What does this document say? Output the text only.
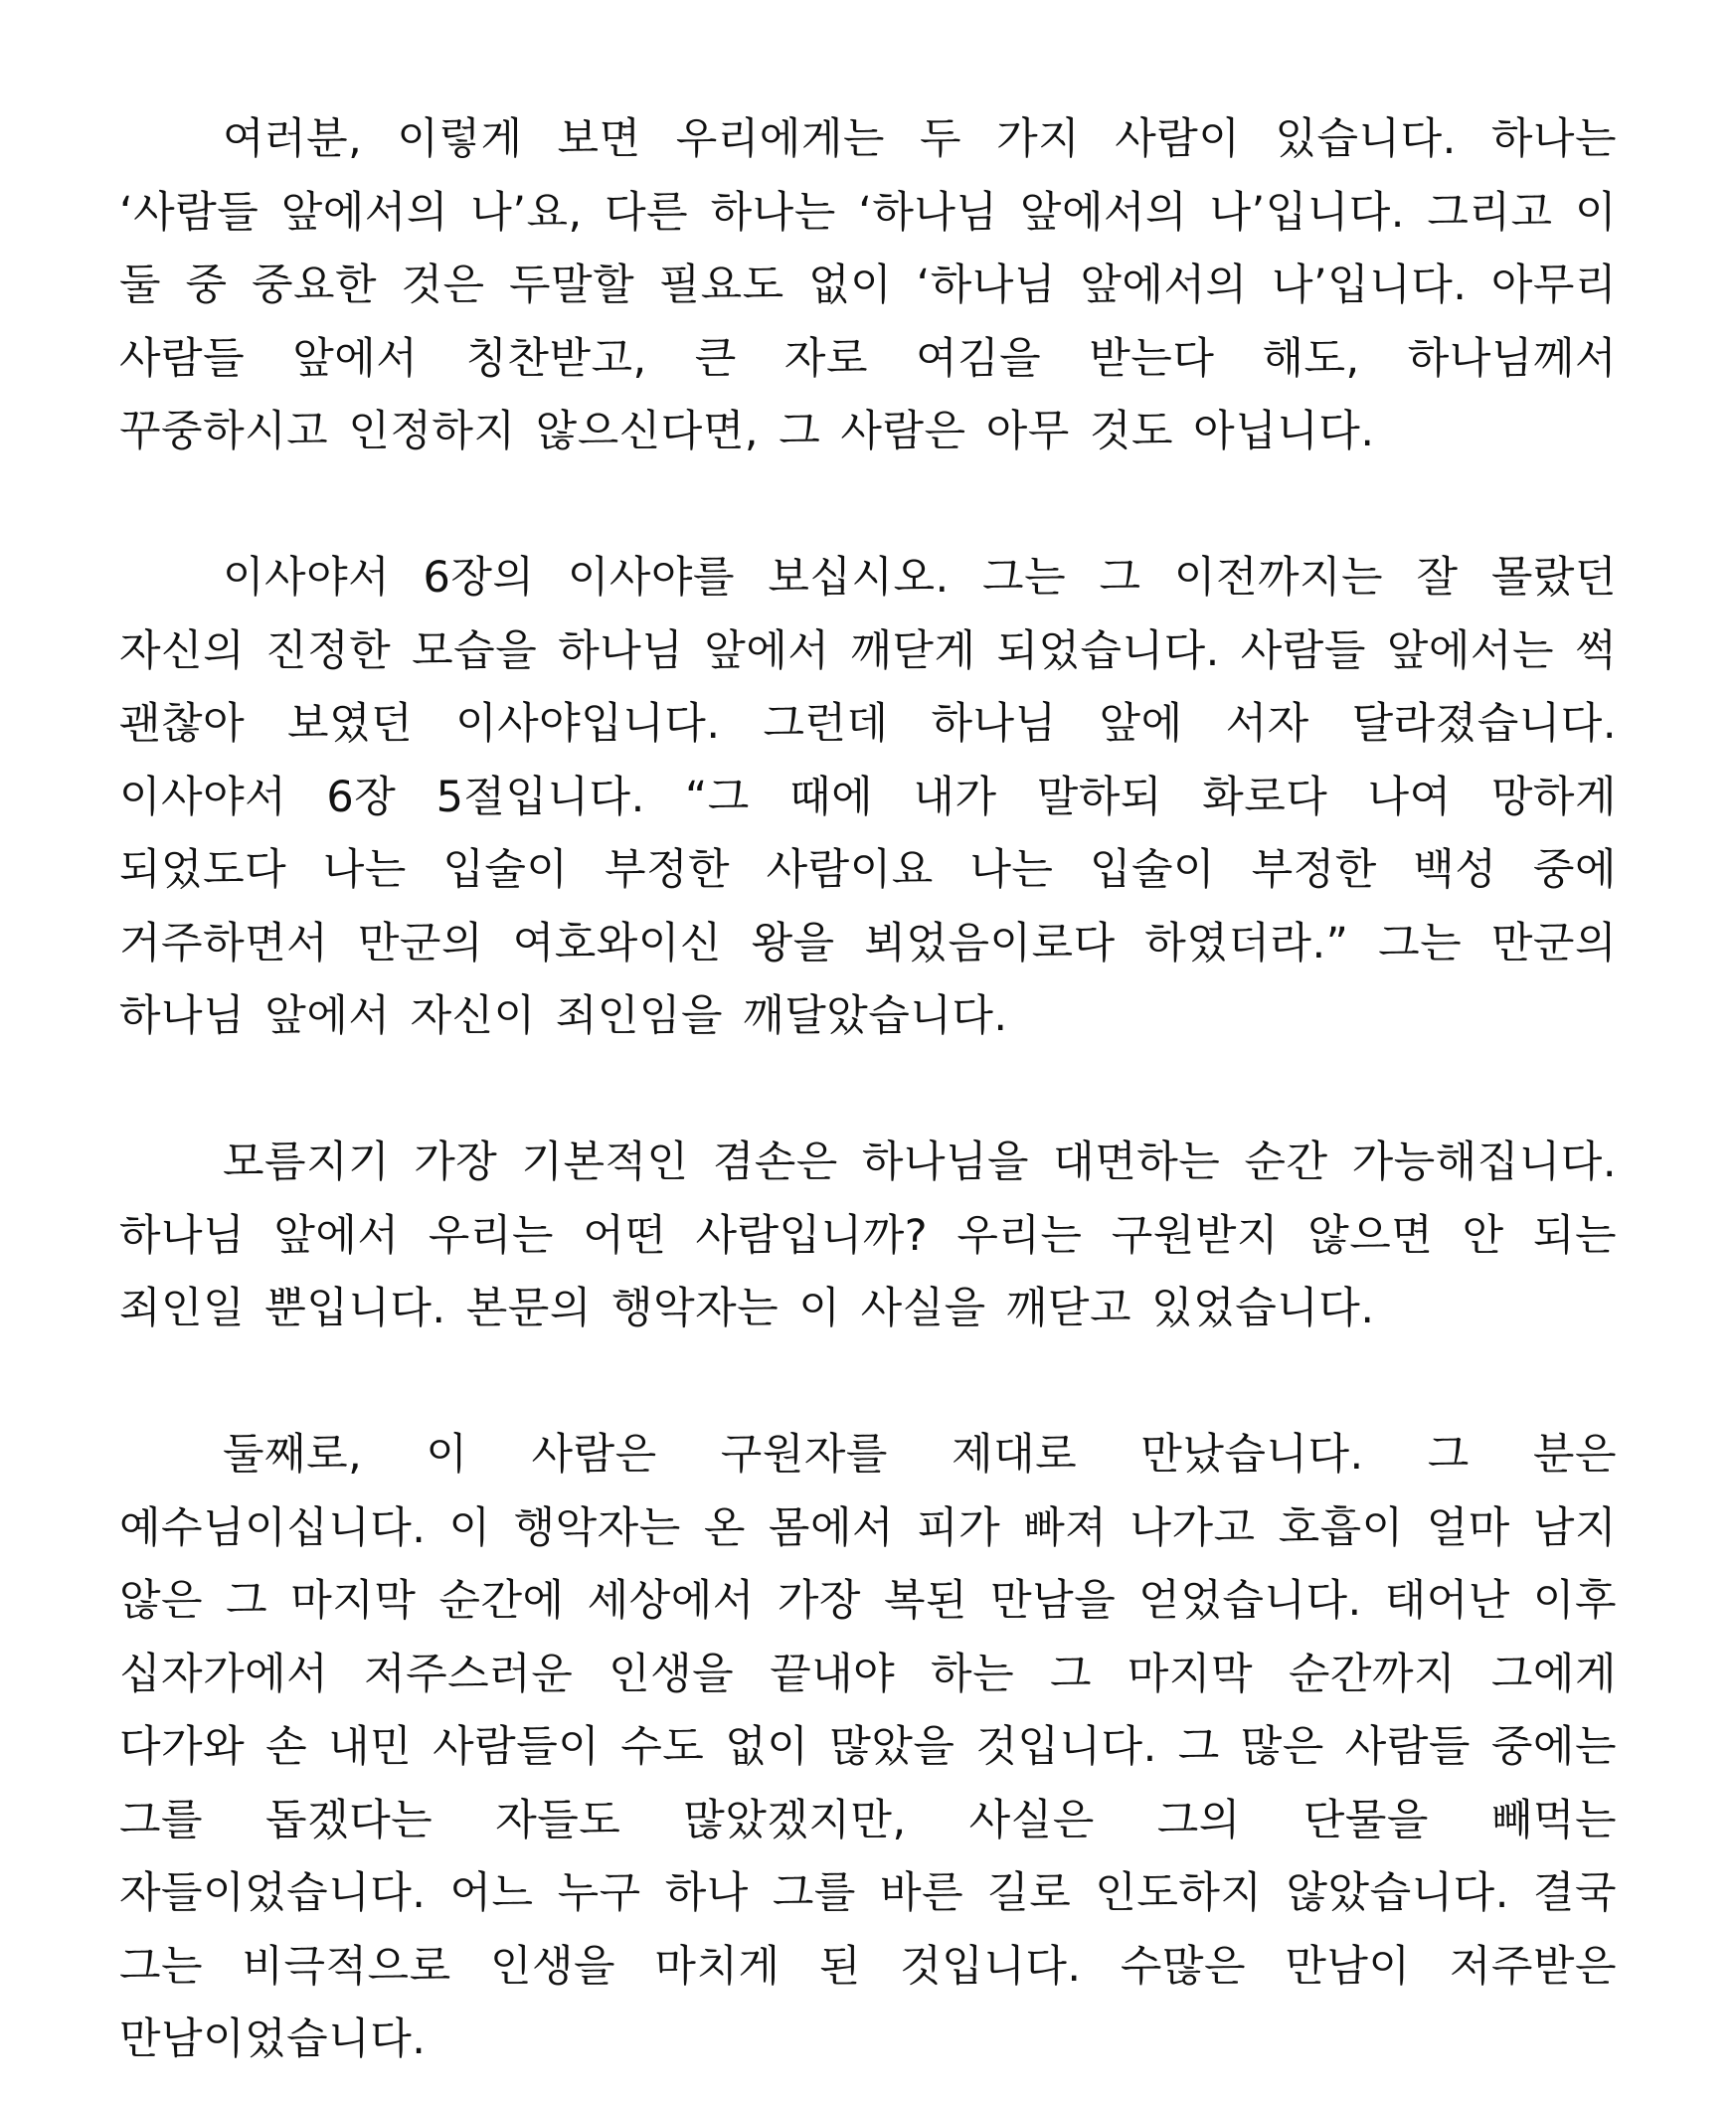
여러분, 이렇게 보면 우리에게는 두 가지 사람이 있습니다. 하나는 ‘사람들 앞에서의 나’요, 다른 하나는 ‘하나님 앞에서의 나’입니다. 그리고 이 둘 중 중요한 것은 두말할 필요도 없이 ‘하나님 앞에서의 나’입니다. 아무리 사람들 앞에서 칭찬받고, 큰 자로 여김을 받는다 해도, 하나님께서 꾸중하시고 인정하지 않으신다면, 그 사람은 아무 것도 아닙니다.

이사야서 6장의 이사야를 보십시오. 그는 그 이전까지는 잘 몰랐던 자신의 진정한 모습을 하나님 앞에서 깨닫게 되었습니다. 사람들 앞에서는 썩 괜찮아 보였던 이사야입니다. 그런데 하나님 앞에 서자 달라졌습니다. 이사야서 6장 5절입니다. “그 때에 내가 말하되 화로다 나여 망하게 되었도다 나는 입술이 부정한 사람이요 나는 입술이 부정한 백성 중에 거주하면서 만군의 여호와이신 왕을 뵈었음이로다 하였더라.” 그는 만군의 하나님 앞에서 자신이 죄인임을 깨달았습니다.

모름지기 가장 기본적인 겸손은 하나님을 대면하는 순간 가능해집니다. 하나님 앞에서 우리는 어떤 사람입니까? 우리는 구원받지 않으면 안 되는 죄인일 뿐입니다. 본문의 행악자는 이 사실을 깨닫고 있었습니다.

둘째로, 이 사람은 구원자를 제대로 만났습니다. 그 분은 예수님이십니다. 이 행악자는 온 몸에서 피가 빠져 나가고 호흡이 얼마 남지 않은 그 마지막 순간에 세상에서 가장 복된 만남을 얻었습니다. 태어난 이후 십자가에서 저주스러운 인생을 끝내야 하는 그 마지막 순간까지 그에게 다가와 손 내민 사람들이 수도 없이 많았을 것입니다. 그 많은 사람들 중에는 그를 돕겠다는 자들도 많았겠지만, 사실은 그의 단물을 빼먹는 자들이었습니다. 어느 누구 하나 그를 바른 길로 인도하지 않았습니다. 결국 그는 비극적으로 인생을 마치게 된 것입니다. 수많은 만남이 저주받은 만남이었습니다.
